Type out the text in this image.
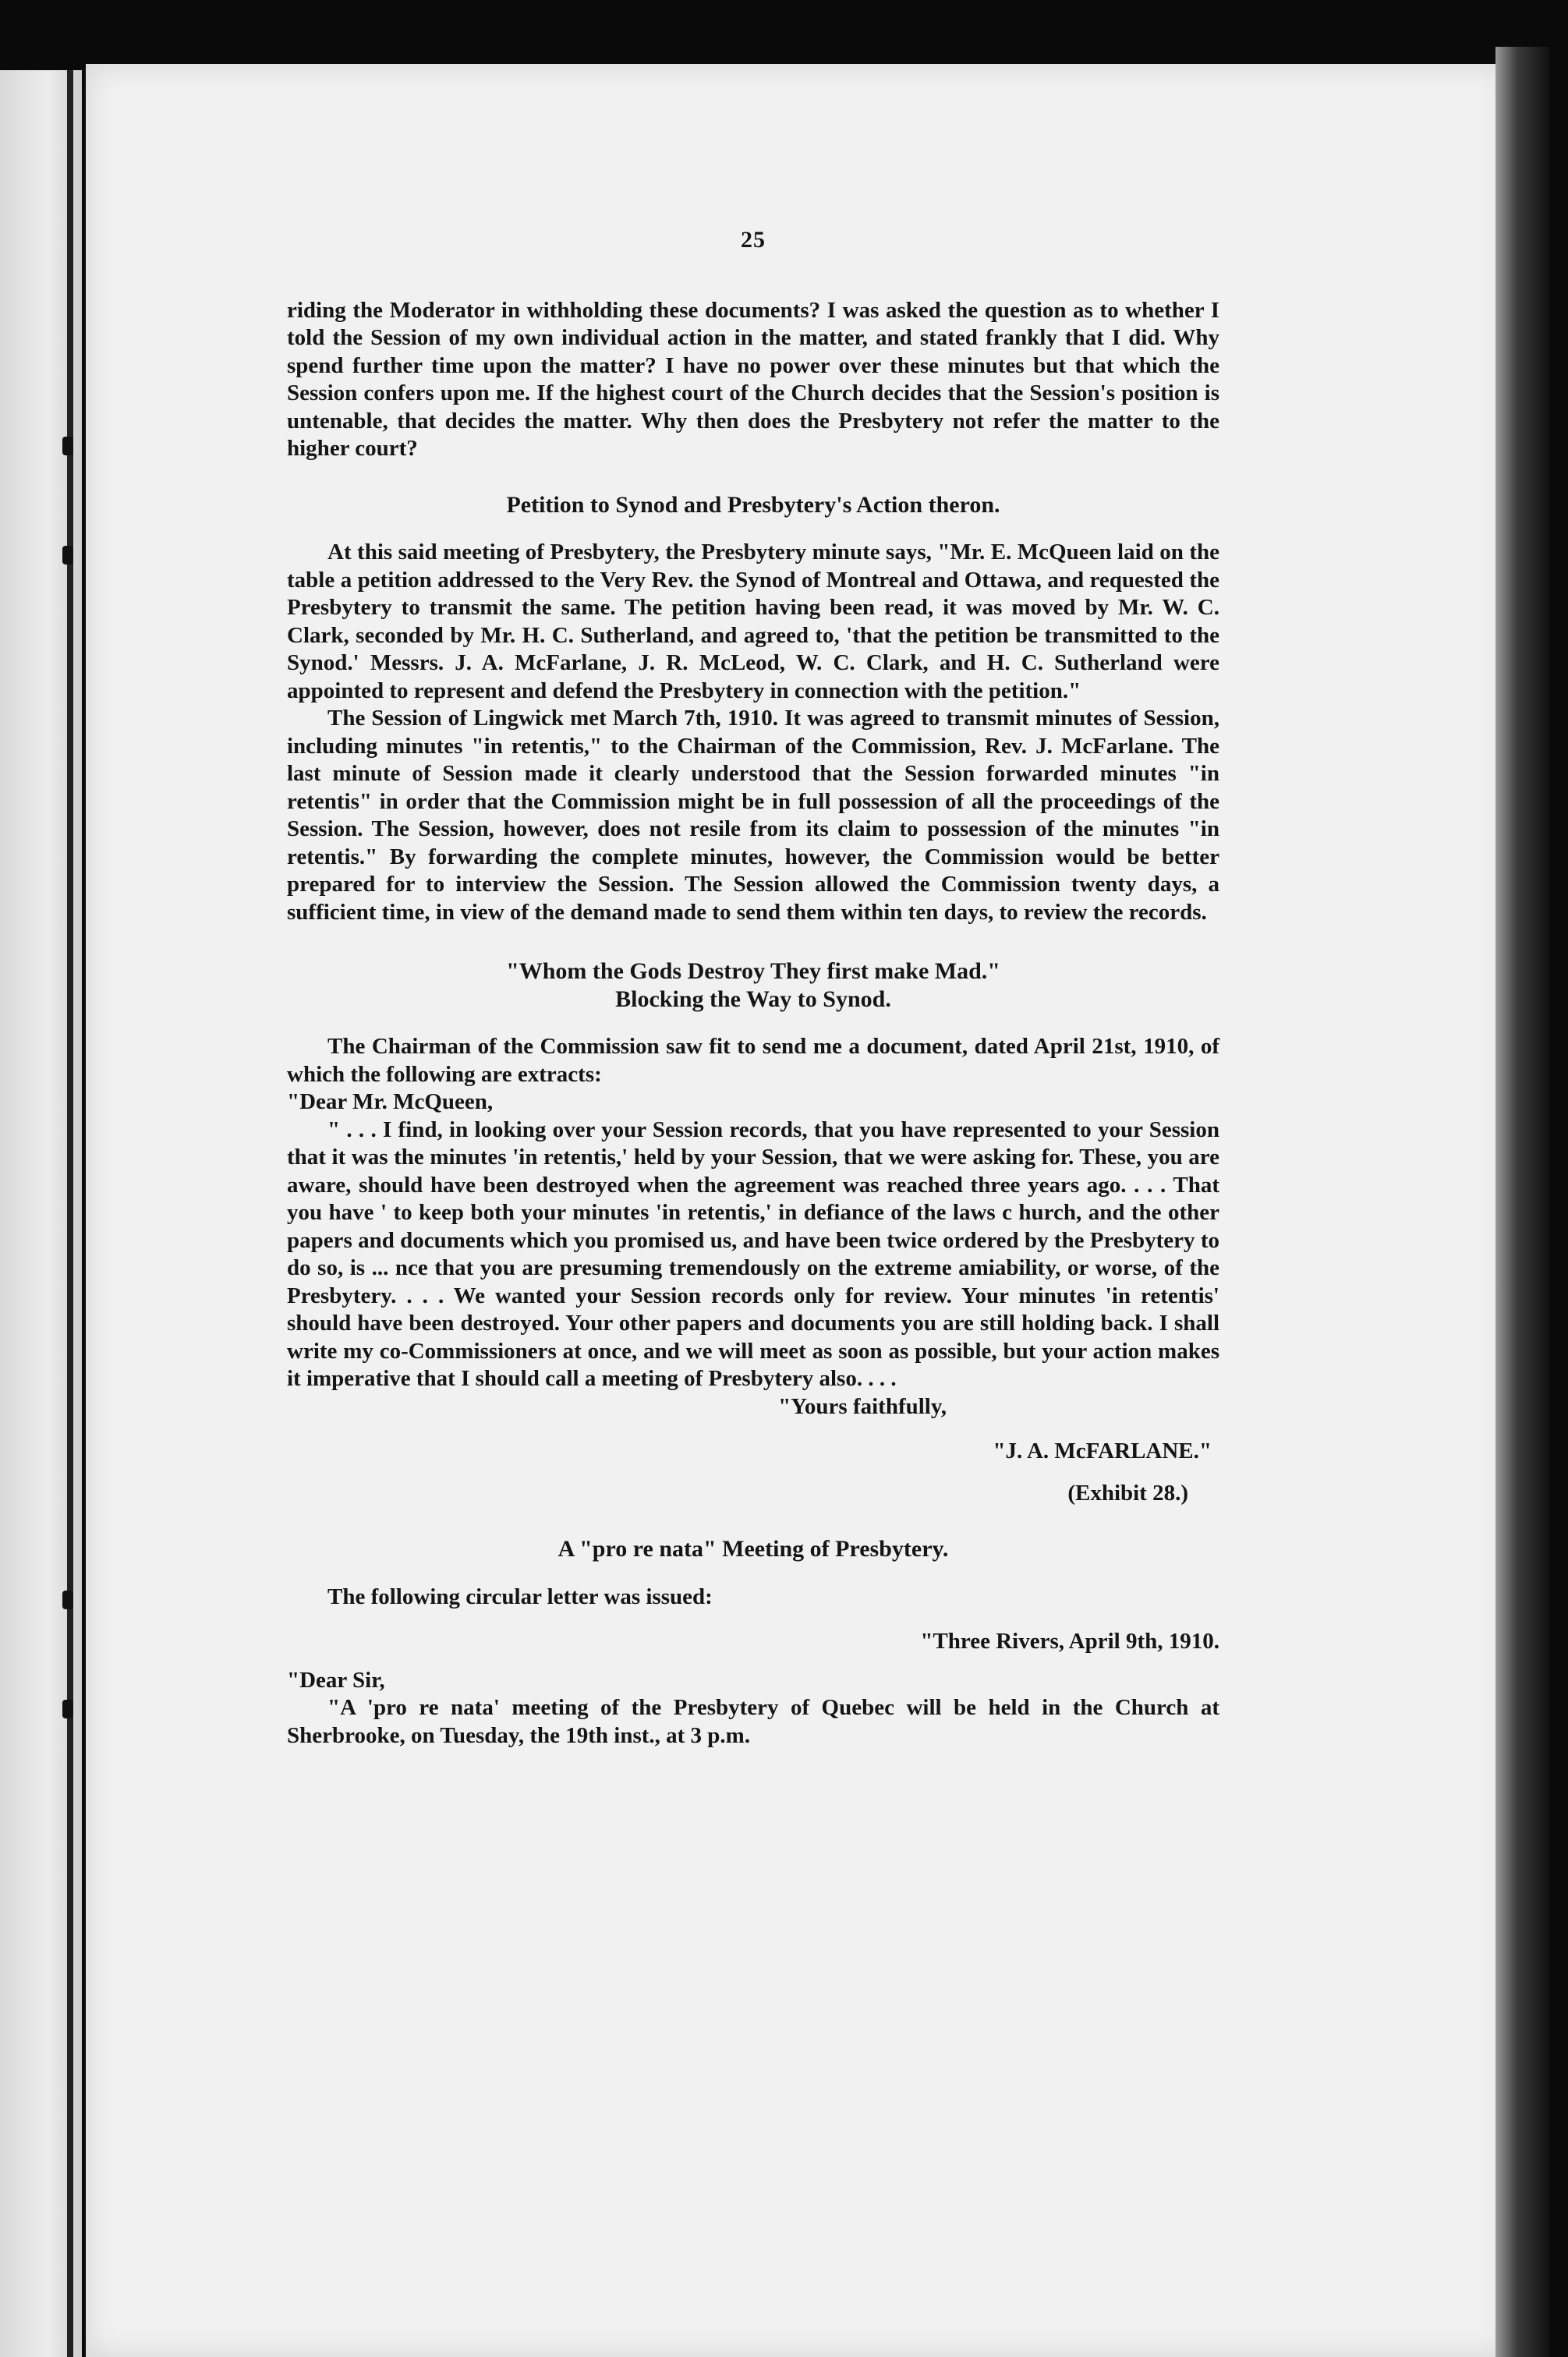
25

riding the Moderator in withholding these documents? I was asked the question as to whether I told the Session of my own individual action in the matter, and stated frankly that I did. Why spend further time upon the matter? I have no power over these minutes but that which the Session confers upon me. If the highest court of the Church decides that the Session's position is untenable, that decides the matter. Why then does the Presbytery not refer the matter to the higher court?

Petition to Synod and Presbytery's Action theron.

At this said meeting of Presbytery, the Presbytery minute says, "Mr. E. McQueen laid on the table a petition addressed to the Very Rev. the Synod of Montreal and Ottawa, and requested the Presbytery to transmit the same. The petition having been read, it was moved by Mr. W. C. Clark, seconded by Mr. H. C. Sutherland, and agreed to, 'that the petition be transmitted to the Synod.' Messrs. J. A. McFarlane, J. R. McLeod, W. C. Clark, and H. C. Sutherland were appointed to represent and defend the Presbytery in connection with the petition."

The Session of Lingwick met March 7th, 1910. It was agreed to transmit minutes of Session, including minutes "in retentis," to the Chairman of the Commission, Rev. J. McFarlane. The last minute of Session made it clearly understood that the Session forwarded minutes "in retentis" in order that the Commission might be in full possession of all the proceedings of the Session. The Session, however, does not resile from its claim to possession of the minutes "in retentis." By forwarding the complete minutes, however, the Commission would be better prepared for to interview the Session. The Session allowed the Commission twenty days, a sufficient time, in view of the demand made to send them within ten days, to review the records.

"Whom the Gods Destroy They first make Mad."
Blocking the Way to Synod.

The Chairman of the Commission saw fit to send me a document, dated April 21st, 1910, of which the following are extracts:

"Dear Mr. McQueen,

" . . . I find, in looking over your Session records, that you have represented to your Session that it was the minutes 'in retentis,' held by your Session, that we were asking for. These, you are aware, should have been destroyed when the agreement was reached three years ago. . . . That you have ' to keep both your minutes 'in retentis,' in defiance of the laws c hurch, and the other papers and documents which you promised us, and have been twice ordered by the Presbytery to do so, is ... nce that you are presuming tremendously on the extreme amiability, or worse, of the Presbytery. . . . We wanted your Session records only for review. Your minutes 'in retentis' should have been destroyed. Your other papers and documents you are still holding back. I shall write my co-Commissioners at once, and we will meet as soon as possible, but your action makes it imperative that I should call a meeting of Presbytery also. . . .

"Yours faithfully,
"J. A. McFARLANE."
(Exhibit 28.)
A "pro re nata" Meeting of Presbytery.

The following circular letter was issued:

"Three Rivers, April 9th, 1910.

"Dear Sir,

"A 'pro re nata' meeting of the Presbytery of Quebec will be held in the Church at Sherbrooke, on Tuesday, the 19th inst., at 3 p.m.
